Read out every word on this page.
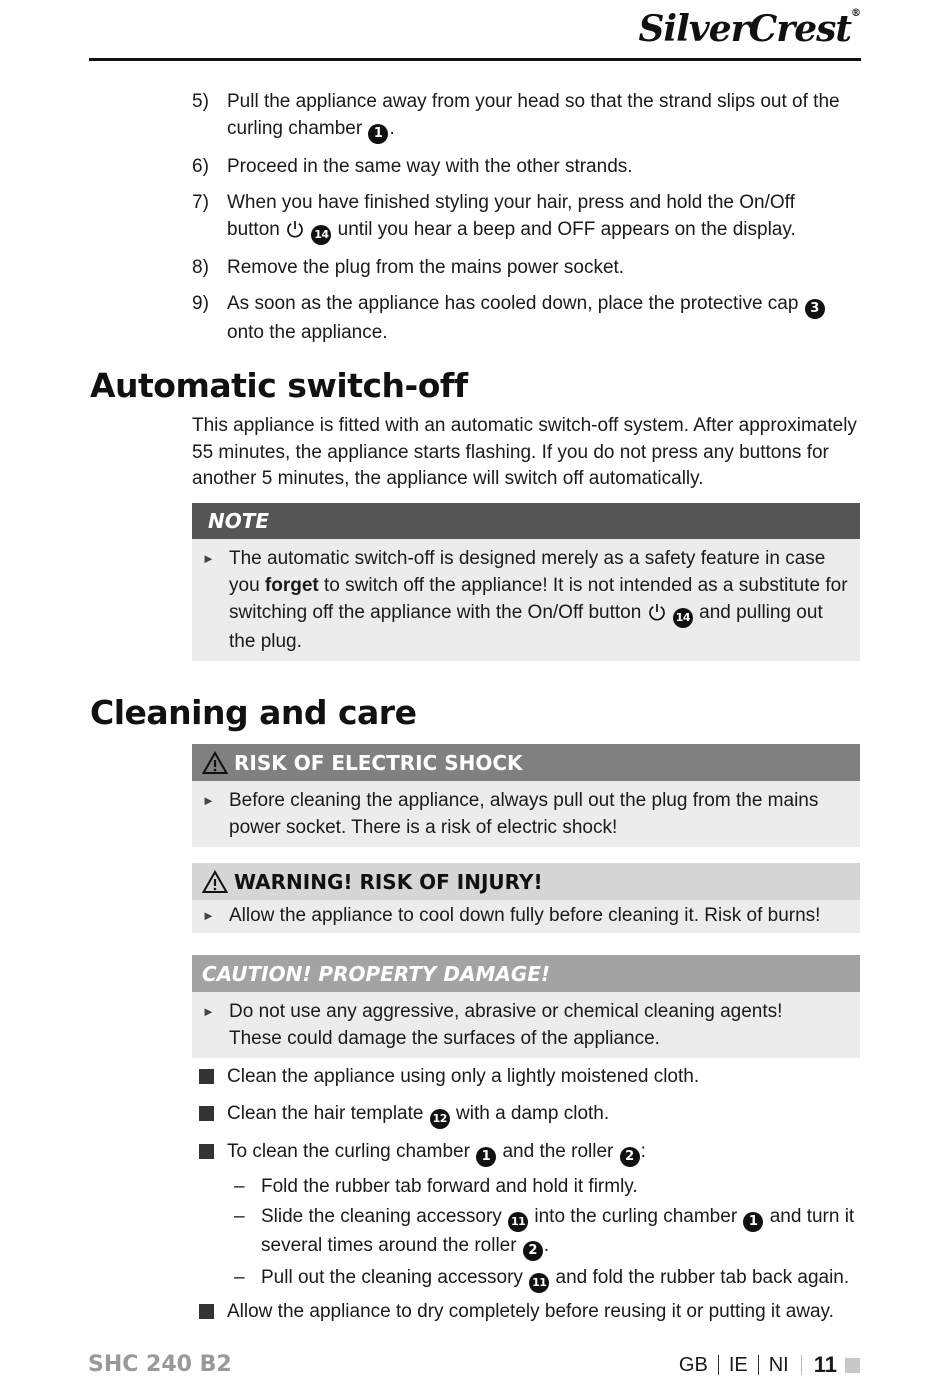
SilverCrest®
5) Pull the appliance away from your head so that the strand slips out of the curling chamber 1 .
6) Proceed in the same way with the other strands.
7) When you have finished styling your hair, press and hold the On/Off button	14 until you hear a beep and OFF appears on the display.
8) Remove the plug from the mains power socket.
9) As soon as the appliance has cooled down, place the protective cap 3 onto the appliance.
Automatic switch-off

This appliance is fitted with an automatic switch-off system. After approximately 55 minutes, the appliance starts flashing. If you do not press any buttons for another 5 minutes, the appliance will switch off automatically.

NOTE
► The automatic switch-off is designed merely as a safety feature in case you forget to switch off the appliance! It is not intended as a substitute for switching off the appliance with the On/Off button	14 and pulling out the plug.
Cleaning and care
RISK OF ELECTRIC SHOCK
► Before cleaning the appliance, always pull out the plug from the mains power socket. There is a risk of electric shock!
WARNING! RISK OF INJURY!
► Allow the appliance to cool down fully before cleaning it. Risk of burns!
CAUTION! PROPERTY DAMAGE!
► Do not use any aggressive, abrasive or chemical cleaning agents!
These could damage the surfaces of the appliance.
Clean the appliance using only a lightly moistened cloth.
Clean the hair template 12 with a damp cloth.
To clean the curling chamber 1 and the roller 2 :
– Fold the rubber tab forward and hold it firmly.
– Slide the cleaning accessory 11 into the curling chamber 1 and turn it several times around the roller 2 .
– Pull out the cleaning accessory 11 and fold the rubber tab back again.
Allow the appliance to dry completely before reusing it or putting it away.
SHC 240 B2	GB IE NI 11
